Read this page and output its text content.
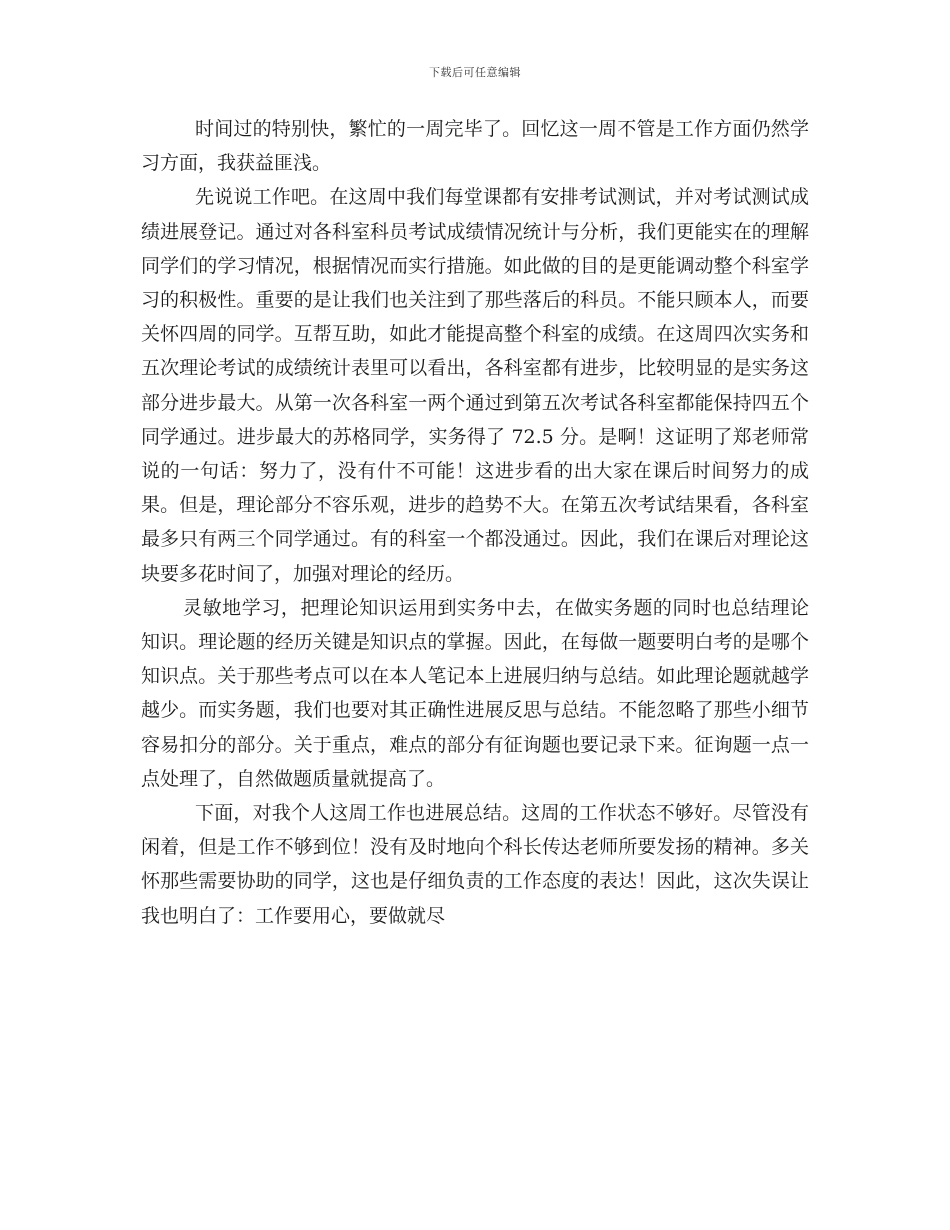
下载后可任意编辑

时间过的特别快，繁忙的一周完毕了。回忆这一周不管是工作方面仍然学习方面，我获益匪浅。

先说说工作吧。在这周中我们每堂课都有安排考试测试，并对考试测试成绩进展登记。通过对各科室科员考试成绩情况统计与分析，我们更能实在的理解同学们的学习情况，根据情况而实行措施。如此做的目的是更能调动整个科室学习的积极性。重要的是让我们也关注到了那些落后的科员。不能只顾本人，而要关怀四周的同学。互帮互助，如此才能提高整个科室的成绩。在这周四次实务和五次理论考试的成绩统计表里可以看出，各科室都有进步，比较明显的是实务这部分进步最大。从第一次各科室一两个通过到第五次考试各科室都能保持四五个同学通过。进步最大的苏格同学，实务得了 72.5 分。是啊！这证明了郑老师常说的一句话：努力了，没有什不可能！这进步看的出大家在课后时间努力的成果。但是，理论部分不容乐观，进步的趋势不大。在第五次考试结果看，各科室最多只有两三个同学通过。有的科室一个都没通过。因此，我们在课后对理论这块要多花时间了，加强对理论的经历。

灵敏地学习，把理论知识运用到实务中去，在做实务题的同时也总结理论知识。理论题的经历关键是知识点的掌握。因此，在每做一题要明白考的是哪个知识点。关于那些考点可以在本人笔记本上进展归纳与总结。如此理论题就越学越少。而实务题，我们也要对其正确性进展反思与总结。不能忽略了那些小细节容易扣分的部分。关于重点，难点的部分有征询题也要记录下来。征询题一点一点处理了，自然做题质量就提高了。

下面，对我个人这周工作也进展总结。这周的工作状态不够好。尽管没有闲着，但是工作不够到位！没有及时地向个科长传达老师所要发扬的精神。多关怀那些需要协助的同学，这也是仔细负责的工作态度的表达！因此，这次失误让我也明白了：工作要用心，要做就尽
